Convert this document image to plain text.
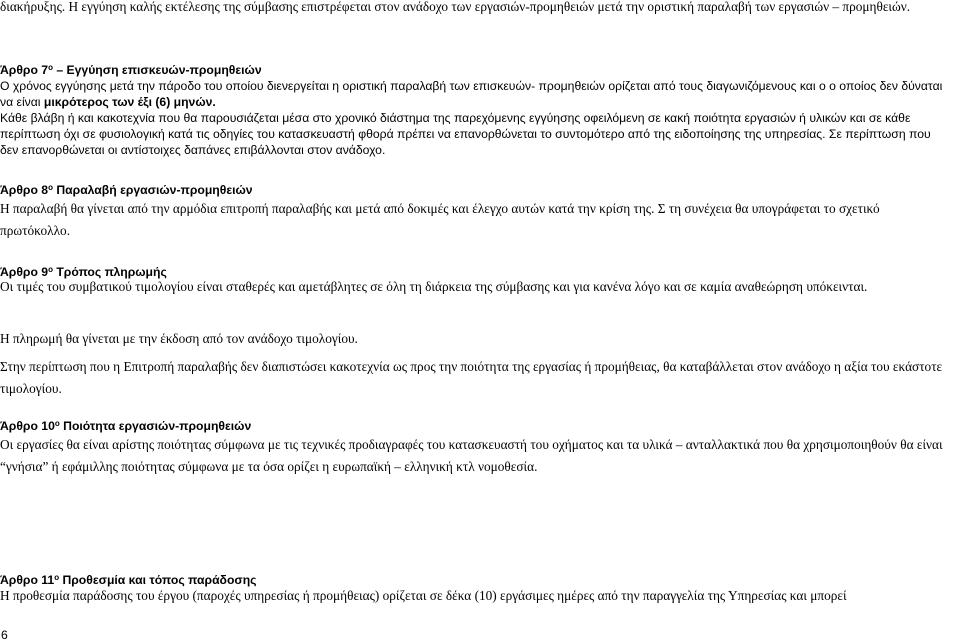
διακήρυξης. Η εγγύηση καλής εκτέλεσης της σύμβασης επιστρέφεται στον ανάδοχο των εργασιών-προμηθειών μετά την οριστική παραλαβή των εργασιών – προμηθειών.

Άρθρο $7^o$ – Εγγύηση επισκευών-προμηθειών

Ο χρόνος εγγύησης μετά την πάροδο του οποίου διενεργείται η οριστική παραλαβή των επισκευών- προμηθειών ορίζεται από τους διαγωνιζόμενους και ο ο οποίος δεν δύναται να είναι μικρότερος των έξι (6) μηνών.

Κάθε βλάβη ή και κακοτεχνία που θα παρουσιάζεται μέσα στο χρονικό διάστημα της παρεχόμενης εγγύησης οφειλόμενη σε κακή ποιότητα εργασιών ή υλικών και σε κάθε περίπτωση όχι σε φυσιολογική κατά τις οδηγίες του κατασκευαστή φθορά πρέπει να επανορθώνεται το συντομότερο από της ειδοποίησης της υπηρεσίας. Σε περίπτωση που δεν επανορθώνεται οι αντίστοιχες δαπάνες επιβάλλονται στον ανάδοχο.

Άρθρο $8^o$ Παραλαβή εργασιών-προμηθειών

Η παραλαβή θα γίνεται από την αρμόδια επιτροπή παραλαβής και μετά από δοκιμές και έλεγχο αυτών κατά την κρίση της. Σ τη συνέχεια θα υπογράφεται το σχετικό πρωτόκολλο.

Άρθρο $9^o$ Τρόπος πληρωμής

Οι τιμές του συμβατικού τιμολογίου είναι σταθερές και αμετάβλητες σε όλη τη διάρκεια της σύμβασης και για κανένα λόγο και σε καμία αναθεώρηση υπόκεινται.

Η πληρωμή θα γίνεται με την έκδοση από τον ανάδοχο τιμολογίου.

Στην περίπτωση που η Επιτροπή παραλαβής δεν διαπιστώσει κακοτεχνία ως προς την ποιότητα της εργασίας ή προμήθειας, θα καταβάλλεται στον ανάδοχο η αξία του εκάστοτε τιμολογίου.

Άρθρο $10^o$ Ποιότητα εργασιών-προμηθειών

Οι εργασίες θα είναι αρίστης ποιότητας σύμφωνα με τις τεχνικές προδιαγραφές του κατασκευαστή του οχήματος και τα υλικά – ανταλλακτικά που θα χρησιμοποιηθούν θα είναι “γνήσια” ή εφάμιλλης ποιότητας σύμφωνα με τα όσα ορίζει η ευρωπαϊκή – ελληνική κτλ νομοθεσία.

Άρθρο $11^o$ Προθεσμία και τόπος παράδοσης

Η προθεσμία παράδοσης του έργου (παροχές υπηρεσίας ή προμήθειας) ορίζεται σε δέκα (10) εργάσιμες ημέρες από την παραγγελία της Υπηρεσίας και μπορεί

6
